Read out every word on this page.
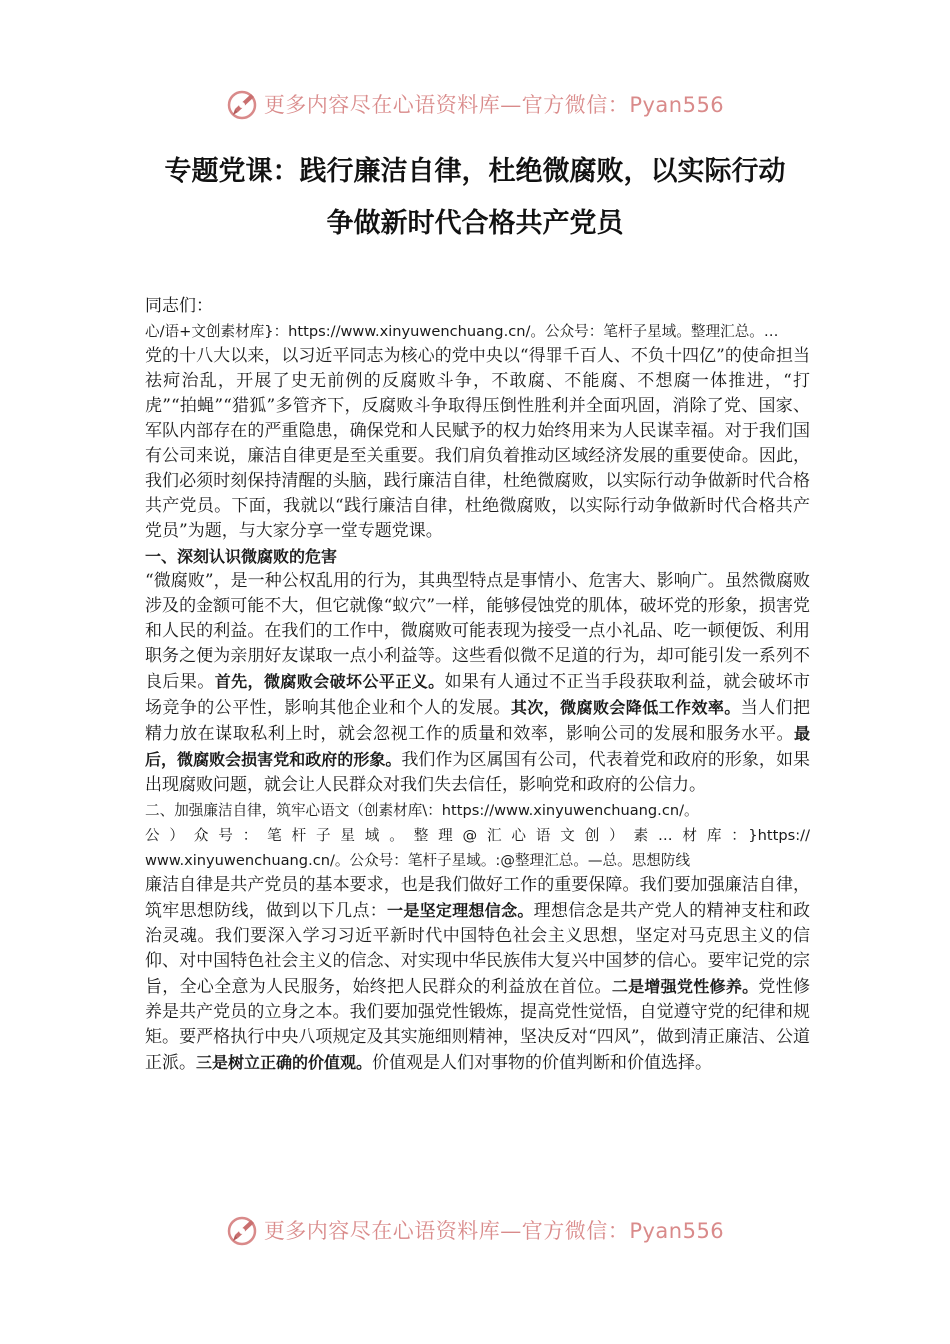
更多内容尽在心语资料库—官方微信：Pyan556
专题党课：践行廉洁自律，杜绝微腐败，以实际行动
争做新时代合格共产党员

同志们：

心/语+文创素材库}：https://www.xinyuwenchuang.cn/。公众号：笔杆子星域。整理汇总。…

党的十八大以来，以习近平同志为核心的党中央以“得罪千百人、不负十四亿”的使命担当祛疴治乱，开展了史无前例的反腐败斗争，不敢腐、不能腐、不想腐一体推进，“打虎”“拍蝇”“猎狐”多管齐下，反腐败斗争取得压倒性胜利并全面巩固，消除了党、国家、军队内部存在的严重隐患，确保党和人民赋予的权力始终用来为人民谋幸福。对于我们国有公司来说，廉洁自律更是至关重要。我们肩负着推动区域经济发展的重要使命。因此，我们必须时刻保持清醒的头脑，践行廉洁自律，杜绝微腐败，以实际行动争做新时代合格共产党员。下面，我就以“践行廉洁自律，杜绝微腐败，以实际行动争做新时代合格共产党员”为题，与大家分享一堂专题党课。

一、深刻认识微腐败的危害

“微腐败”，是一种公权乱用的行为，其典型特点是事情小、危害大、影响广。虽然微腐败涉及的金额可能不大，但它就像“蚁穴”一样，能够侵蚀党的肌体，破坏党的形象，损害党和人民的利益。在我们的工作中，微腐败可能表现为接受一点小礼品、吃一顿便饭、利用职务之便为亲朋好友谋取一点小利益等。这些看似微不足道的行为，却可能引发一系列不良后果。首先，微腐败会破坏公平正义。如果有人通过不正当手段获取利益，就会破坏市场竞争的公平性，影响其他企业和个人的发展。其次，微腐败会降低工作效率。当人们把精力放在谋取私利上时，就会忽视工作的质量和效率，影响公司的发展和服务水平。最后，微腐败会损害党和政府的形象。我们作为区属国有公司，代表着党和政府的形象，如果出现腐败问题，就会让人民群众对我们失去信任，影响党和政府的公信力。

二、加强廉洁自律，筑牢心语文（创素材库\：https://www.xinyuwenchuang.cn/。

公）众号：笔杆子星域。整理@汇心语文创）素…材库：}https://

www.xinyuwenchuang.cn/。公众号：笔杆子星域。:@整理汇总。—总。思想防线

廉洁自律是共产党员的基本要求，也是我们做好工作的重要保障。我们要加强廉洁自律，筑牢思想防线，做到以下几点：一是坚定理想信念。理想信念是共产党人的精神支柱和政治灵魂。我们要深入学习习近平新时代中国特色社会主义思想，坚定对马克思主义的信仰、对中国特色社会主义的信念、对实现中华民族伟大复兴中国梦的信心。要牢记党的宗旨，全心全意为人民服务，始终把人民群众的利益放在首位。二是增强党性修养。党性修养是共产党员的立身之本。我们要加强党性锻炼，提高党性觉悟，自觉遵守党的纪律和规矩。要严格执行中央八项规定及其实施细则精神，坚决反对“四风”，做到清正廉洁、公道正派。三是树立正确的价值观。价值观是人们对事物的价值判断和价值选择。

更多内容尽在心语资料库—官方微信：Pyan556
